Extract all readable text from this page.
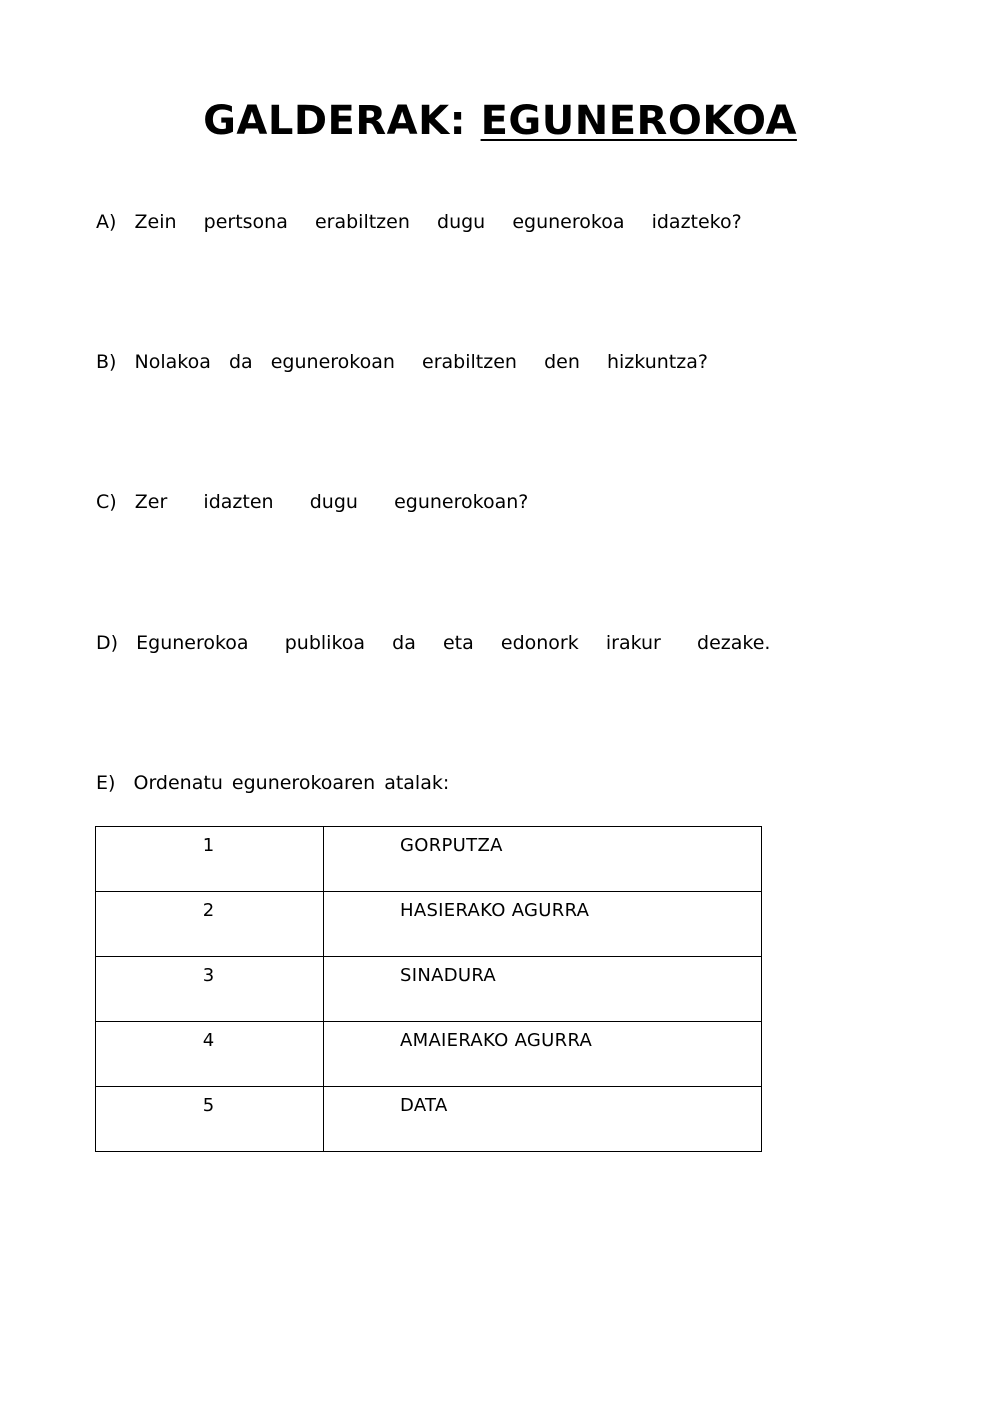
GALDERAK: EGUNEROKOA
A)  Zein   pertsona   erabiltzen   dugu   egunerokoa   idazteko?
B)  Nolakoa  da  egunerokoan   erabiltzen   den   hizkuntza?
C)  Zer    idazten    dugu    egunerokoan?
D)  Egunerokoa    publikoa   da   eta   edonork   irakur    dezake.
E)  Ordenatu egunerokoaren atalak:
1	GORPUTZA
2	HASIERAKO AGURRA
3	SINADURA
4	AMAIERAKO AGURRA
5	DATA
